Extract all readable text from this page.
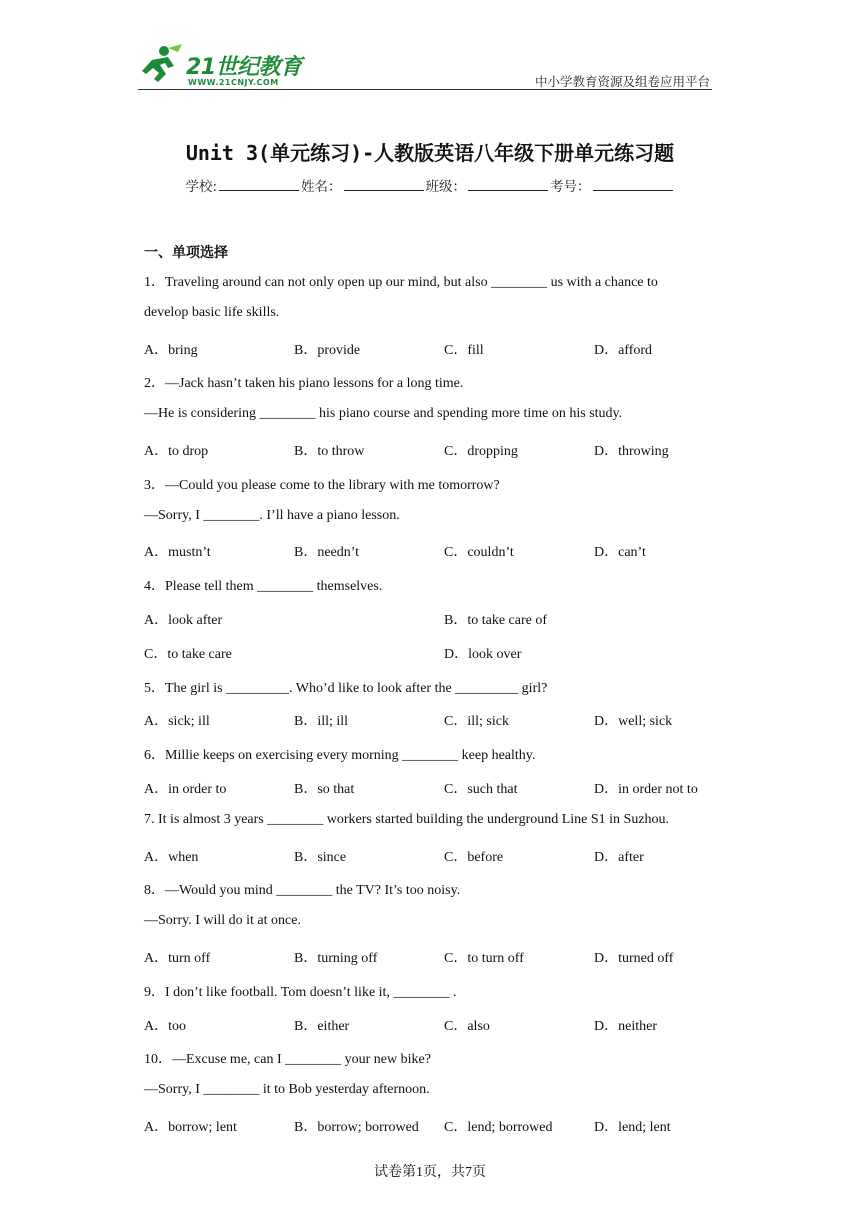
21世纪教育
WWW.21CNJY.COM	中小学教育资源及组卷应用平台
Unit 3(单元练习)-人教版英语八年级下册单元练习题
学校:	姓名：	班级：	考号：
一、单项选择
1．Traveling around can not only open up our mind, but also ________ us with a chance to
develop basic life skills.
A．bring	B．provide	C．fill	D．afford
2．—Jack hasn’t taken his piano lessons for a long time.
—He is considering ________ his piano course and spending more time on his study.
A．to drop	B．to throw	C．dropping	D．throwing
3．—Could you please come to the library with me tomorrow?
—Sorry, I ________. I’ll have a piano lesson.
A．mustn’t	B．needn’t	C．couldn’t	D．can’t
4．Please tell them ________ themselves.
A．look after	B．to take care of
C．to take care	D．look over
5．The girl is _________. Who’d like to look after the _________ girl?
A．sick; ill	B．ill; ill	C．ill; sick	D．well; sick
6．Millie keeps on exercising every morning ________ keep healthy.
A．in order to	B．so that	C．such that	D．in order not to
7. It is almost 3 years ________ workers started building the underground Line S1 in Suzhou.
A．when	B．since	C．before	D．after
8．—Would you mind ________ the TV? It’s too noisy.
—Sorry. I will do it at once.
A．turn off	B．turning off	C．to turn off	D．turned off
9．I don’t like football. Tom doesn’t like it, ________ .
A．too	B．either	C．also	D．neither
10．—Excuse me, can I ________ your new bike?
—Sorry, I ________ it to Bob yesterday afternoon.
A．borrow; lent	B．borrow; borrowed C．lend; borrowed	D．lend; lent
试卷第1页，共7页
